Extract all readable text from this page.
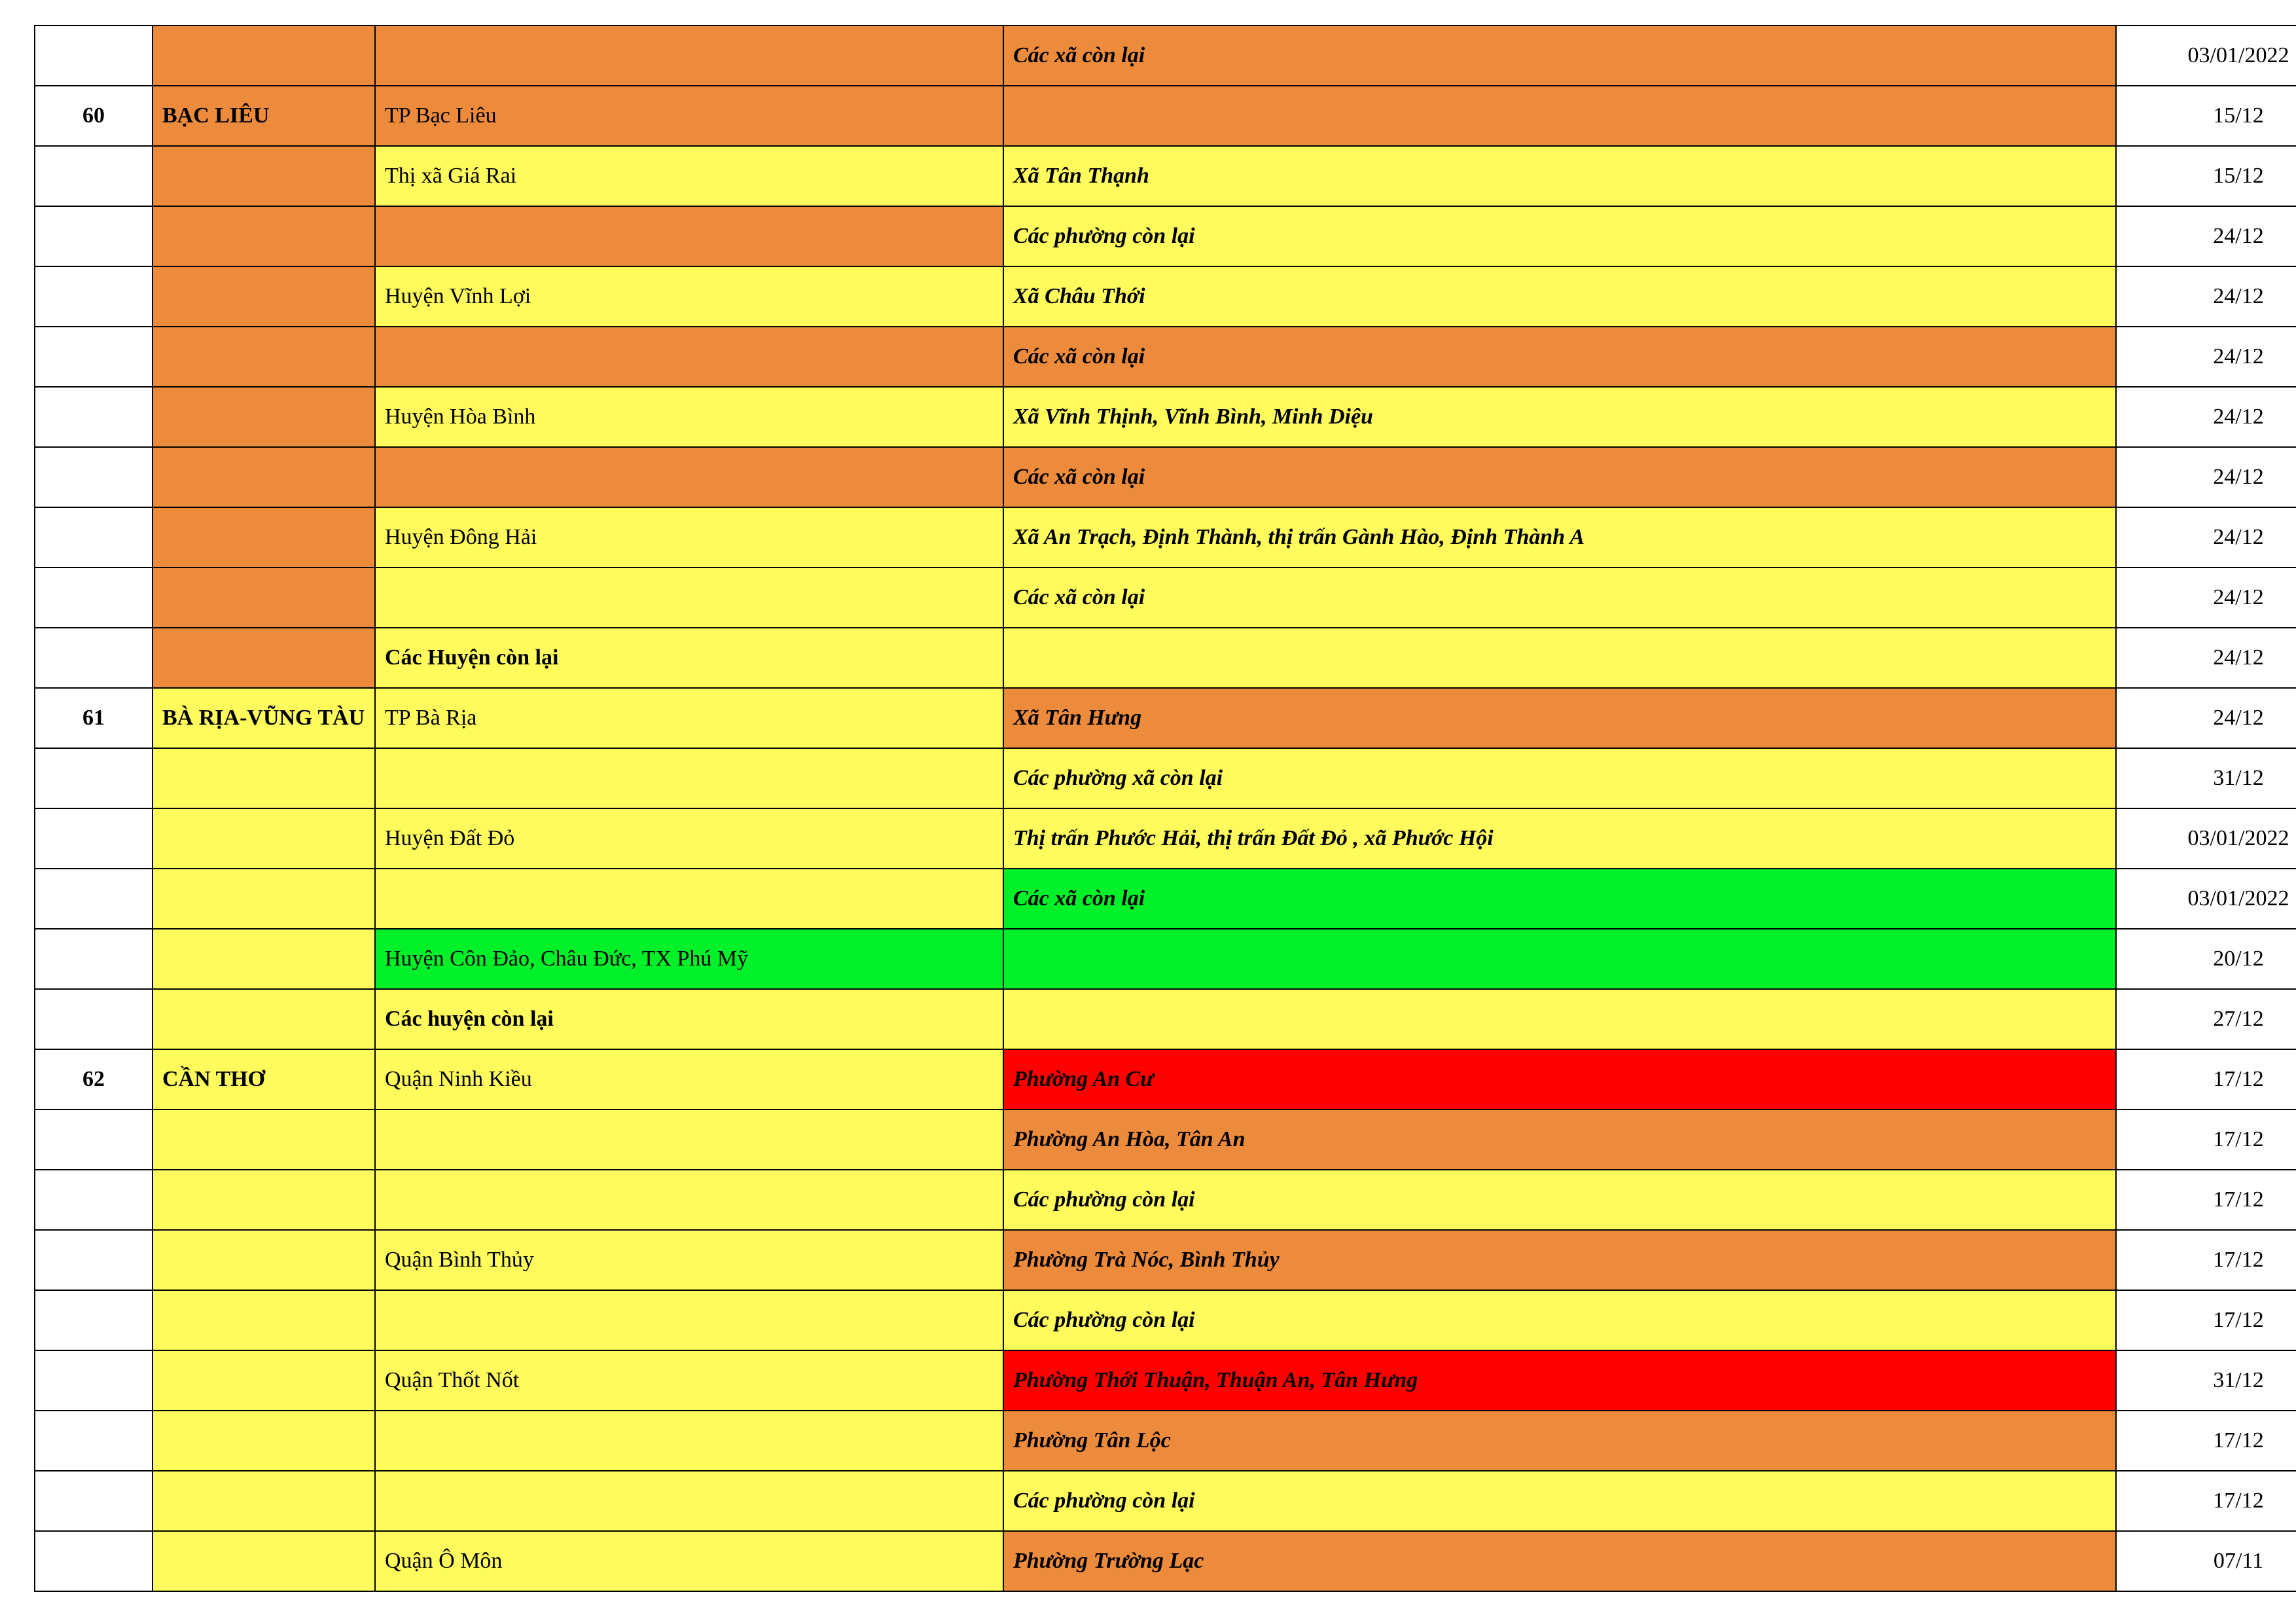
			Các xã còn lại	03/01/2022
60	BẠC LIÊU	TP Bạc Liêu		15/12
		Thị xã Giá Rai	Xã Tân Thạnh	15/12
			Các phường còn lại	24/12
		Huyện Vĩnh Lợi	Xã Châu Thới	24/12
			Các xã còn lại	24/12
		Huyện Hòa Bình	Xã Vĩnh Thịnh, Vĩnh Bình, Minh Diệu	24/12
			Các xã còn lại	24/12
		Huyện Đông Hải	Xã An Trạch, Định Thành, thị trấn Gành Hào, Định Thành A	24/12
			Các xã còn lại	24/12
		Các Huyện còn lại		24/12
61	BÀ RỊA-VŨNG TÀU	TP Bà Rịa	Xã Tân Hưng	24/12
			Các phường xã còn lại	31/12
		Huyện Đất Đỏ	Thị trấn Phước Hải, thị trấn Đất Đỏ , xã Phước Hội	03/01/2022
			Các xã còn lại	03/01/2022
		Huyện Côn Đảo, Châu Đức, TX Phú Mỹ		20/12
		Các huyện còn lại		27/12
62	CẦN THƠ	Quận Ninh Kiều	Phường An Cư	17/12
			Phường An Hòa, Tân An	17/12
			Các phường còn lại	17/12
		Quận Bình Thủy	Phường Trà Nóc, Bình Thủy	17/12
			Các phường còn lại	17/12
		Quận Thốt Nốt	Phường Thới Thuận, Thuận An, Tân Hưng	31/12
			Phường Tân Lộc	17/12
			Các phường còn lại	17/12
		Quận Ô Môn	Phường Trường Lạc	07/11
